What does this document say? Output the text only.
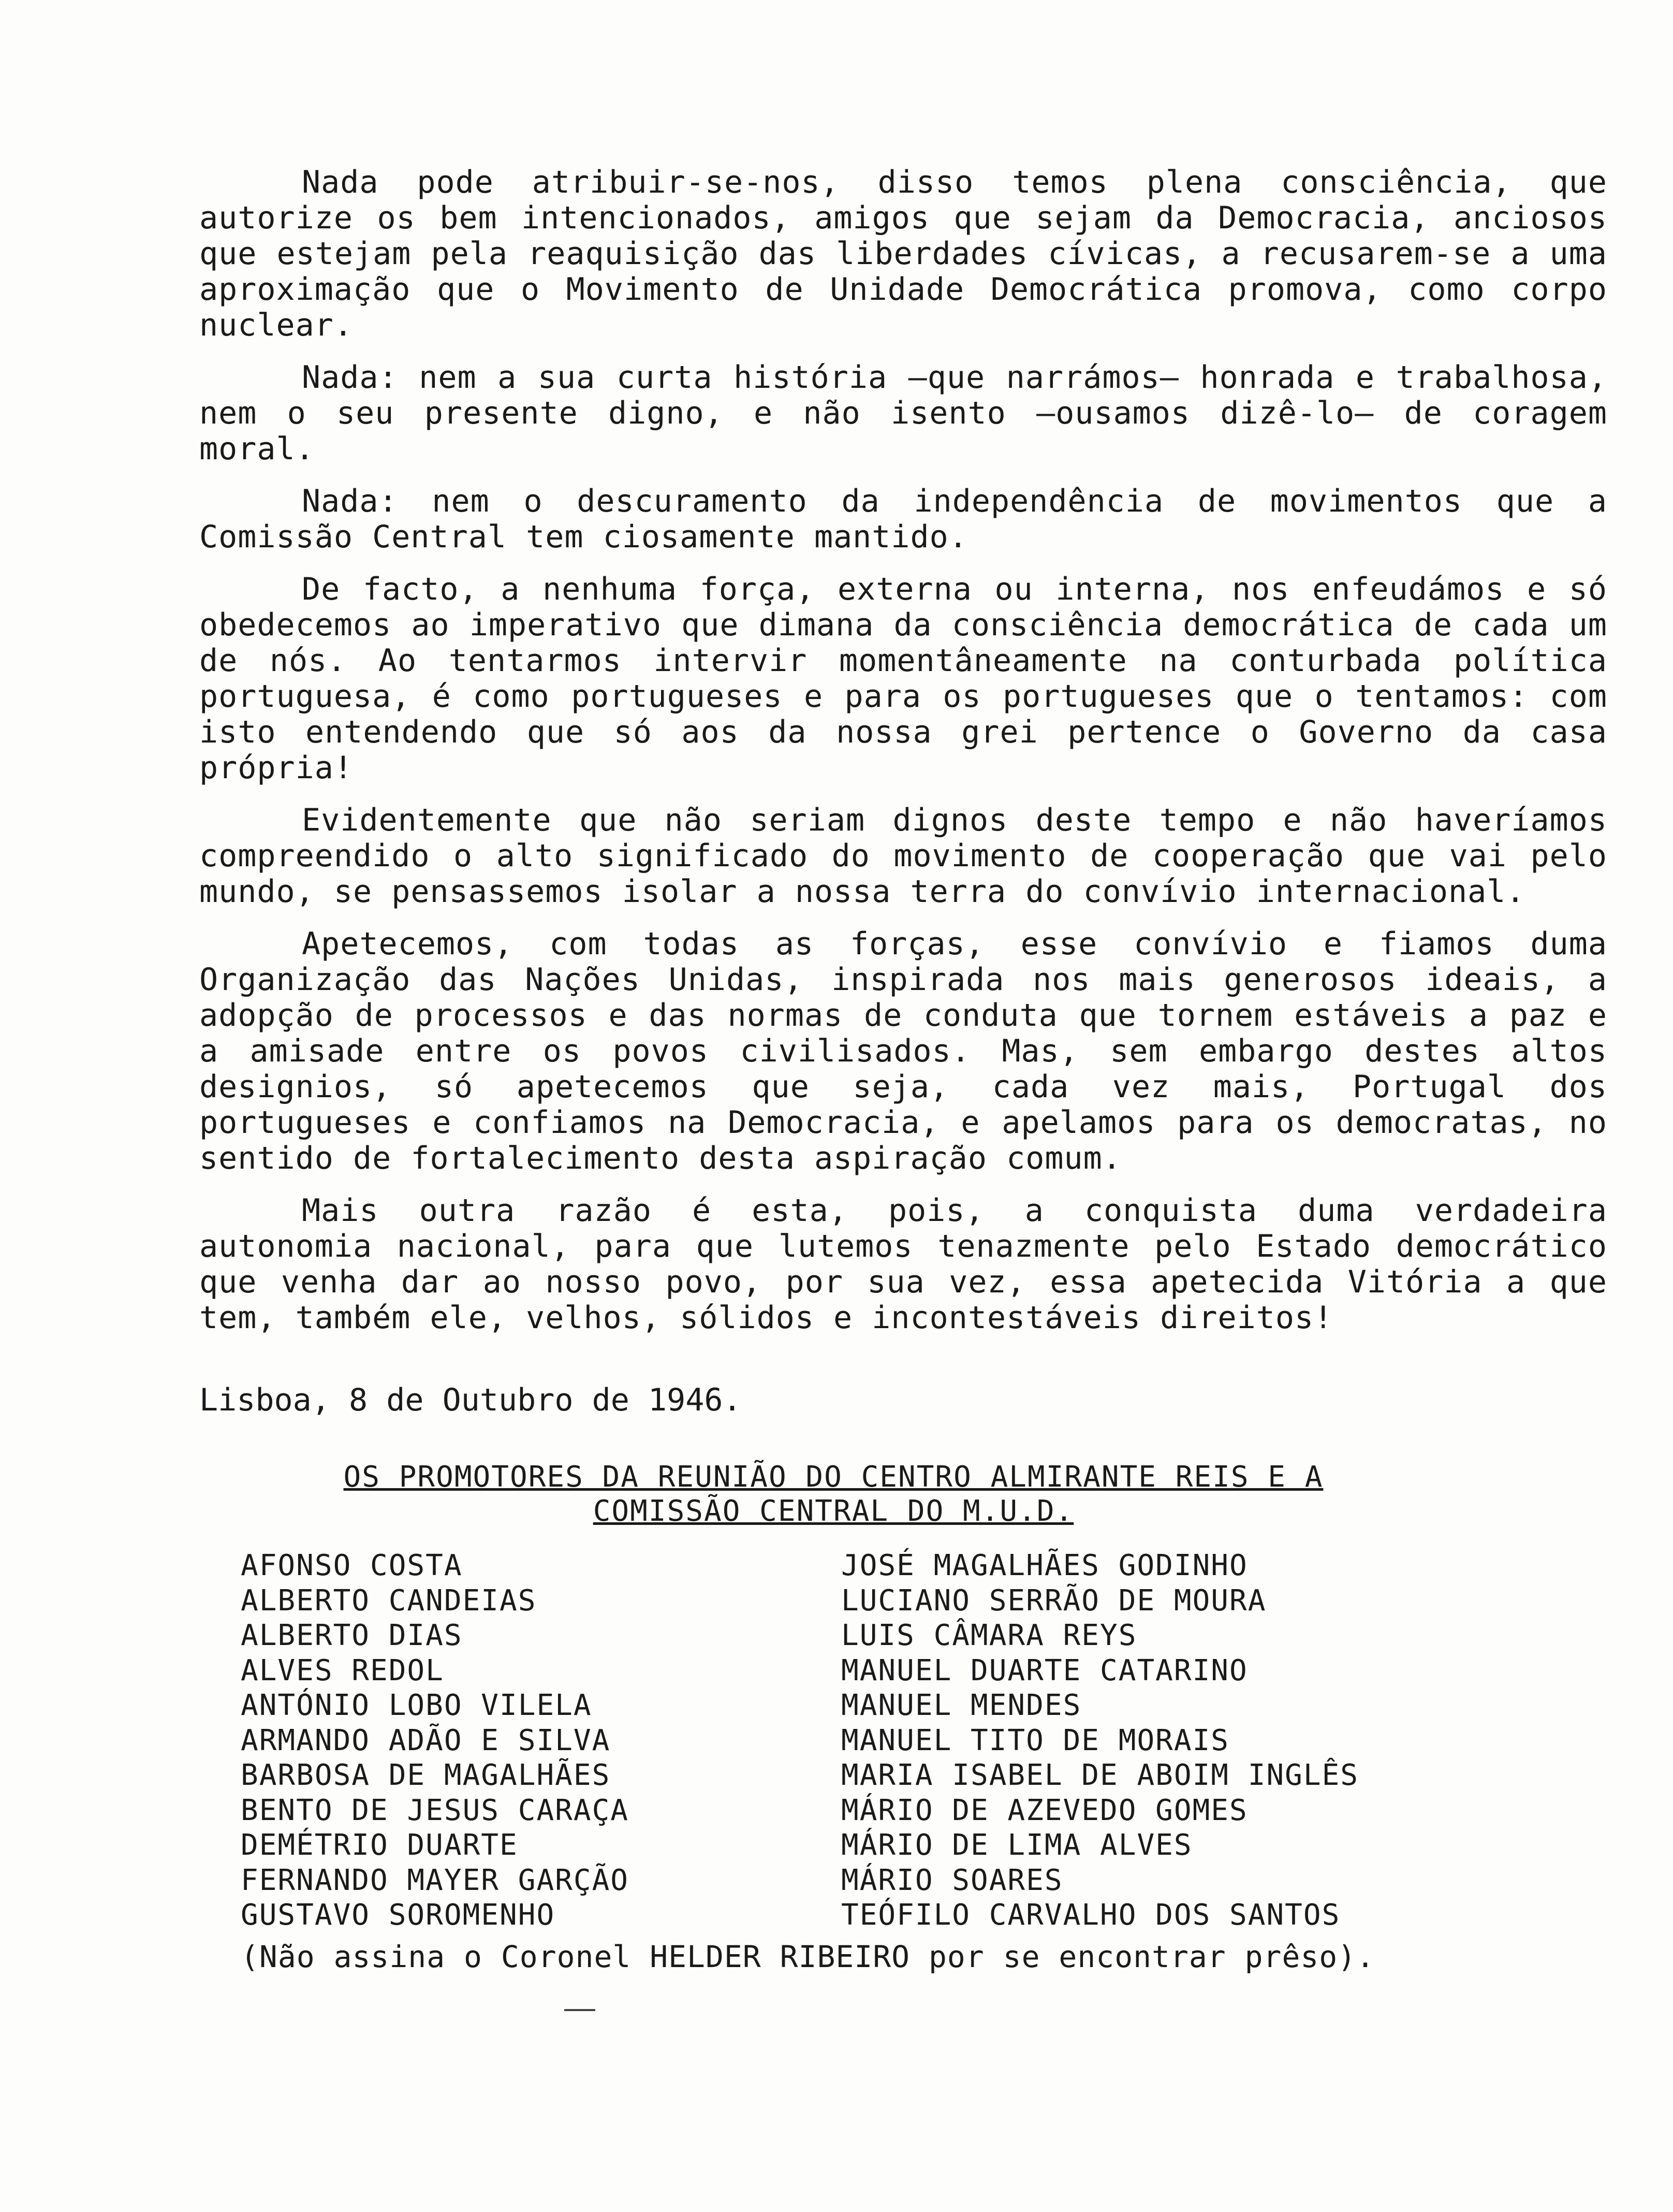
Nada pode atribuir-se-nos, disso temos plena consciência, que autorize os bem intencionados, amigos que sejam da Democracia, anciosos que estejam pela reaquisição das liberdades cívicas, a recusarem-se a uma aproximação que o Movimento de Unidade Democrática promova, como corpo nuclear.

Nada: nem a sua curta história —que narrámos— honrada e trabalhosa, nem o seu presente digno, e não isento —ousamos dizê-lo— de coragem moral.

Nada: nem o descuramento da independência de movimentos que a Comissão Central tem ciosamente mantido.

De facto, a nenhuma força, externa ou interna, nos enfeudámos e só obedecemos ao imperativo que dimana da consciência democrática de cada um de nós. Ao tentarmos intervir momentâneamente na conturbada política portuguesa, é como portugueses e para os portugueses que o tentamos: com isto entendendo que só aos da nossa grei pertence o Governo da casa própria!

Evidentemente que não seriam dignos deste tempo e não haveríamos compreendido o alto significado do movimento de cooperação que vai pelo mundo, se pensassemos isolar a nossa terra do convívio internacional.

Apetecemos, com todas as forças, esse convívio e fiamos duma Organização das Nações Unidas, inspirada nos mais generosos ideais, a adopção de processos e das normas de conduta que tornem estáveis a paz e a amisade entre os povos civilisados. Mas, sem embargo destes altos designios, só apetecemos que seja, cada vez mais, Portugal dos portugueses e confiamos na Democracia, e apelamos para os democratas, no sentido de fortalecimento desta aspiração comum.

Mais outra razão é esta, pois, a conquista duma verdadeira autonomia nacional, para que lutemos tenazmente pelo Estado democrático que venha dar ao nosso povo, por sua vez, essa apetecida Vitória a que tem, também ele, velhos, sólidos e incontestáveis direitos!

Lisboa, 8 de Outubro de 1946.
OS PROMOTORES DA REUNIÃO DO CENTRO ALMIRANTE REIS E A
COMISSÃO CENTRAL DO M.U.D.
AFONSO COSTA
ALBERTO CANDEIAS
ALBERTO DIAS
ALVES REDOL
ANTÓNIO LOBO VILELA
ARMANDO ADÃO E SILVA
BARBOSA DE MAGALHÃES
BENTO DE JESUS CARAÇA
DEMÉTRIO DUARTE
FERNANDO MAYER GARÇÃO
GUSTAVO SOROMENHO
JOSÉ MAGALHÃES GODINHO
LUCIANO SERRÃO DE MOURA
LUIS CÂMARA REYS
MANUEL DUARTE CATARINO
MANUEL MENDES
MANUEL TITO DE MORAIS
MARIA ISABEL DE ABOIM INGLÊS
MÁRIO DE AZEVEDO GOMES
MÁRIO DE LIMA ALVES
MÁRIO SOARES
TEÓFILO CARVALHO DOS SANTOS
(Não assina o Coronel HELDER RIBEIRO por se encontrar prêso).
